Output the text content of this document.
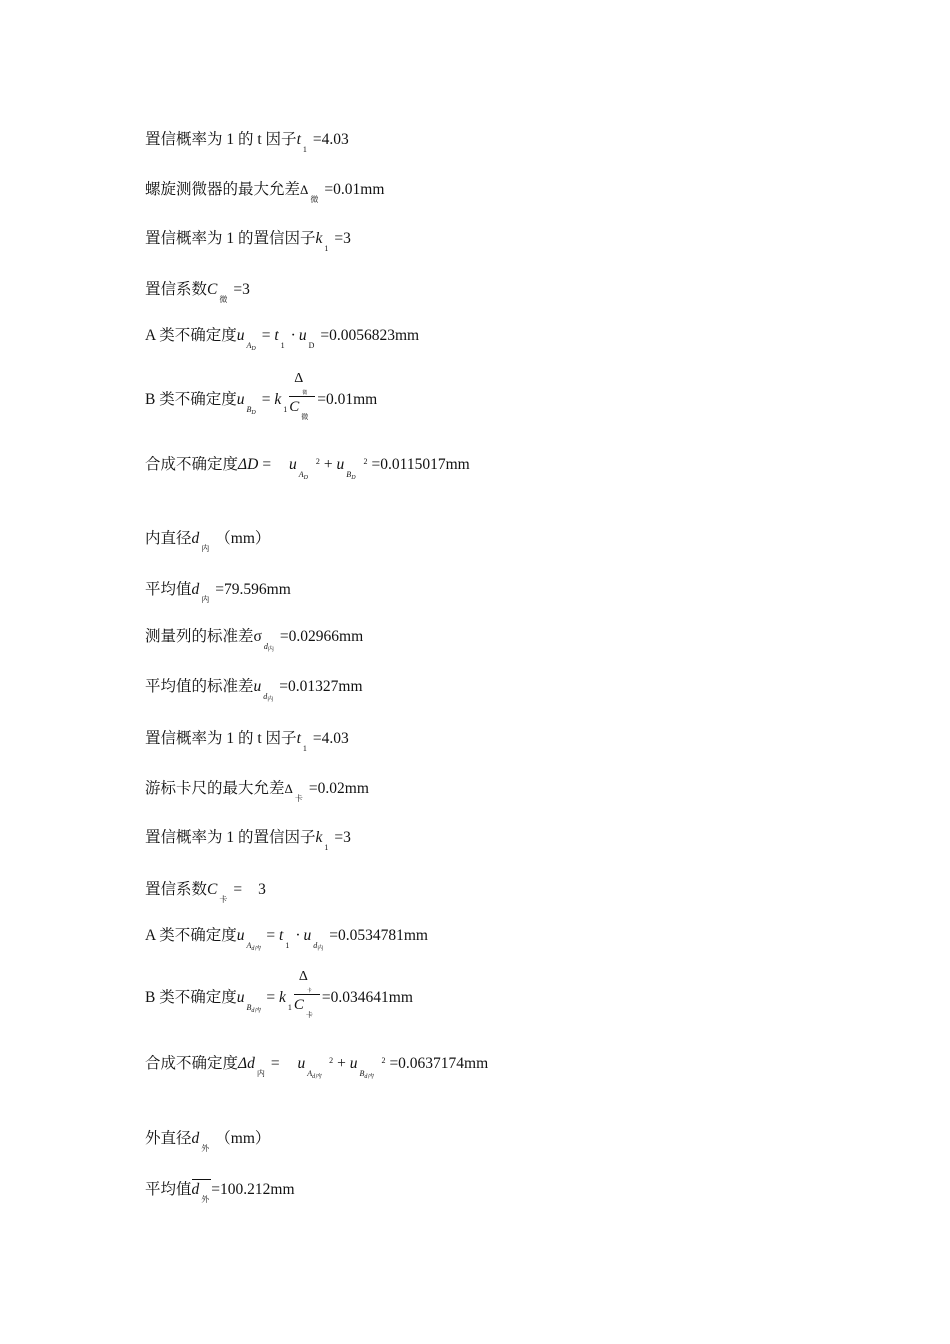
置信概率为 1 的 t 因子$t_1=4.03$
螺旋测微器的最大允差$\Delta_微=0.01mm$
置信概率为 1 的置信因子$k_1=3$
置信系数$C_微=3$
A 类不确定度$u_{A_D}= t_1\cdot u_D=0.0056823mm$
B 类不确定度$u_{B_D}= k_1$
Δ
微
C
微
=0.01mm
合成不确定度$\Delta D = u_{A_D}^2 + u_{B_D}^2 =0.0115017mm$
内直径$d_内(mm)$
平均值$d_内=79.596mm$
测量列的标准差$\sigma_{d_内}=0.02966mm$
平均值的标准差$u_{d_内}=0.01327mm$
置信概率为 1 的 t 因子$t_1=4.03$
游标卡尺的最大允差$\Delta_卡=0.02mm$
置信概率为 1 的置信因子$k_1=3$
置信系数$C_卡= 3$
A 类不确定度$u_{A_{d内}}= t_1\cdot u_{d_内}=0.0534781mm$
B 类不确定度$u_{B_{d内}}= k_1$
Δ
卡
C
卡
=0.034641mm
合成不确定度$\Delta d_内= u_{A_{d内}}^2 + u_{B_{d内}}^2 =0.0637174mm$
外直径$d_外(mm)$
平均值$d_外=100.212mm$
